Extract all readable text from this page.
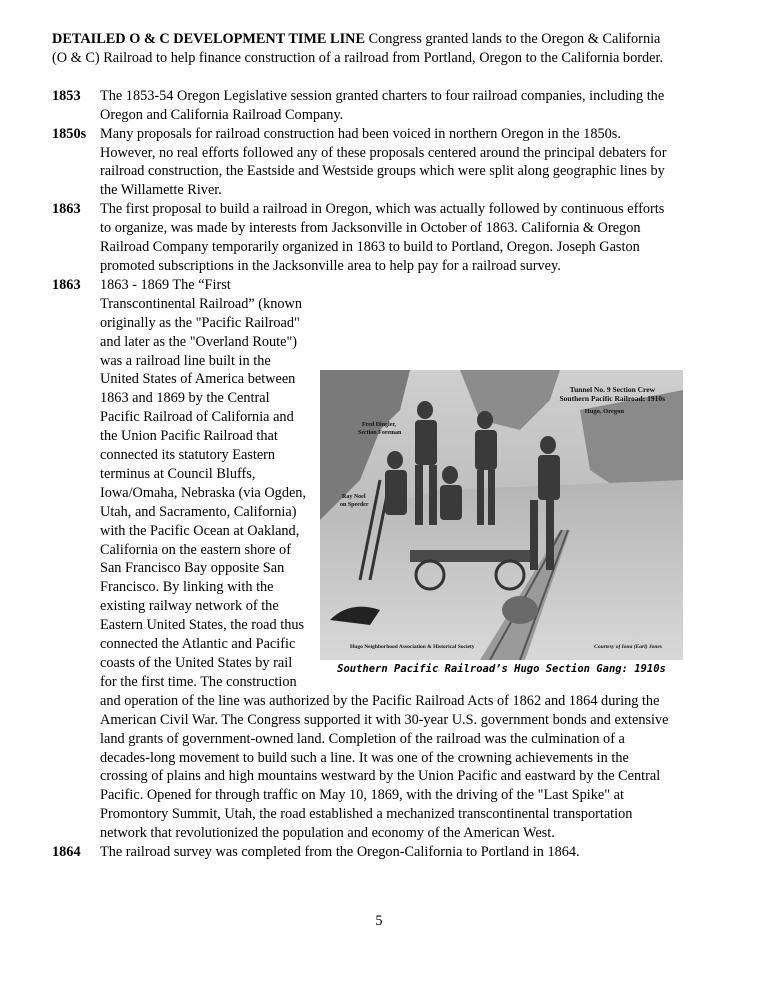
DETAILED O & C DEVELOPMENT TIME LINE Congress granted lands to the Oregon & California (O & C) Railroad to help finance construction of a railroad from Portland, Oregon to the California border.

1853 The 1853-54 Oregon Legislative session granted charters to four railroad companies, including the Oregon and California Railroad Company.
1850s Many proposals for railroad construction had been voiced in northern Oregon in the 1850s. However, no real efforts followed any of these proposals centered around the principal debaters for railroad construction, the Eastside and Westside groups which were split along geographic lines by the Willamette River.
1863 The first proposal to build a railroad in Oregon, which was actually followed by continuous efforts to organize, was made by interests from Jacksonville in October of 1863. California & Oregon Railroad Company temporarily organized in 1863 to build to Portland, Oregon. Joseph Gaston promoted subscriptions in the Jacksonville area to help pay for a railroad survey.
1863
Tunnel No. 9 Section Crew
Southern Pacific Railroad: 1910s
Hugo, Oregon
Fred Dingler,
Section Foreman
Ray Noel
on Speeder
Hugo Neighborhood Association & Historical Society	Courtesy of Iona (Earl) Jones
Southern Pacific Railroad’s Hugo Section Gang: 1910s
1863 - 1869 The “First Transcontinental Railroad” (known originally as the "Pacific Railroad" and later as the "Overland Route") was a railroad line built in the United States of America between 1863 and 1869 by the Central Pacific Railroad of California and the Union Pacific Railroad that connected its statutory Eastern terminus at Council Bluffs, Iowa/Omaha, Nebraska (via Ogden, Utah, and Sacramento, California) with the Pacific Ocean at Oakland, California on the eastern shore of San Francisco Bay opposite San Francisco. By linking with the existing railway network of the Eastern United States, the road thus connected the Atlantic and Pacific coasts of the United States by rail for the first time. The construction and operation of the line was authorized by the Pacific Railroad Acts of 1862 and 1864 during the American Civil War. The Congress supported it with 30-year U.S. government bonds and extensive land grants of government-owned land. Completion of the railroad was the culmination of a decades-long movement to build such a line. It was one of the crowning achievements in the crossing of plains and high mountains westward by the Union Pacific and eastward by the Central Pacific. Opened for through traffic on May 10, 1869, with the driving of the "Last Spike" at Promontory Summit, Utah, the road established a mechanized transcontinental transportation network that revolutionized the population and economy of the American West.
1864 The railroad survey was completed from the Oregon-California to Portland in 1864.
5
